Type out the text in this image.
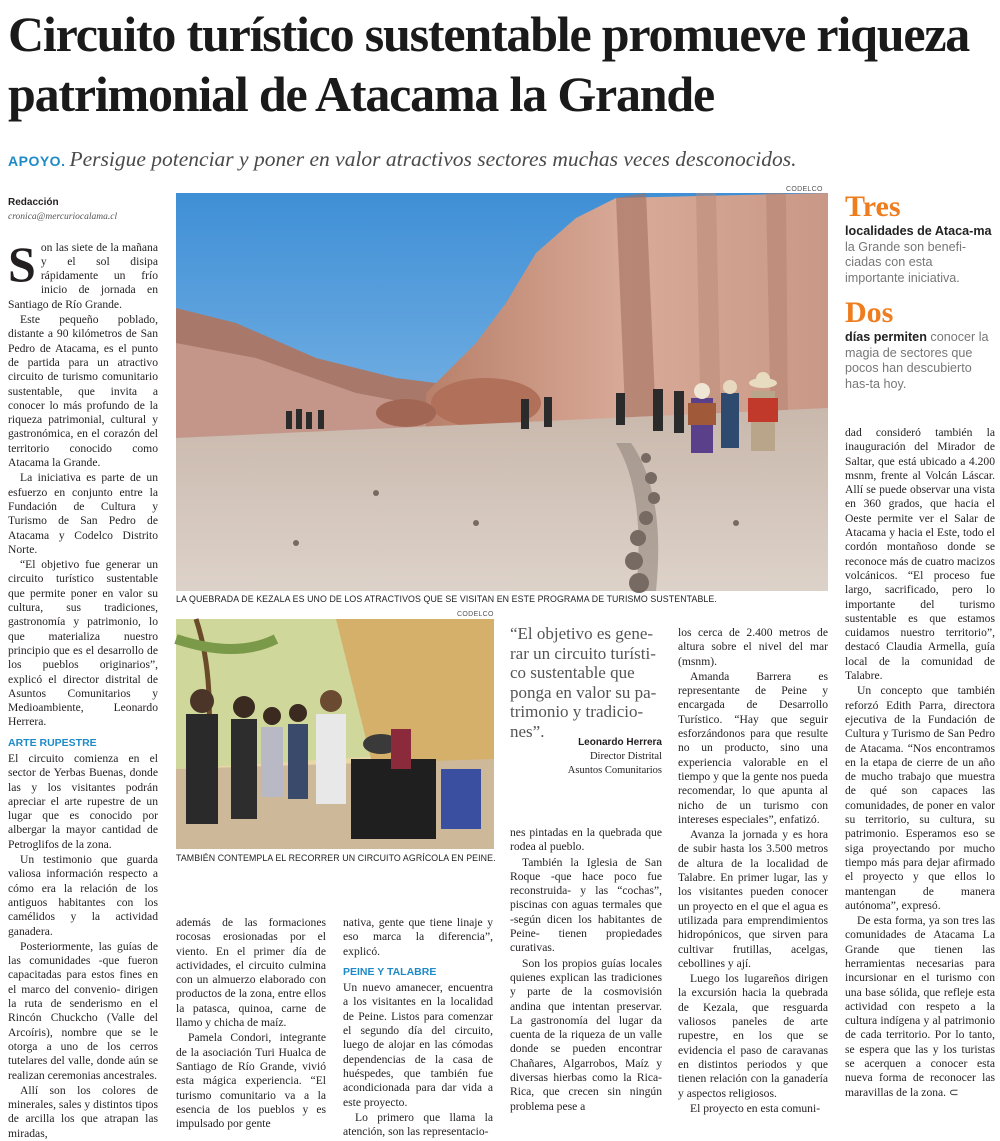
Circuito turístico sustentable promueve riqueza patrimonial de Atacama la Grande
APOYO. Persigue potenciar y poner en valor atractivos sectores muchas veces desconocidos.
CODELCO
LA QUEBRADA DE KEZALA ES UNO DE LOS ATRACTIVOS QUE SE VISITAN EN ESTE PROGRAMA DE TURISMO SUSTENTABLE.
CODELCO
TAMBIÉN CONTEMPLA EL RECORRER UN CIRCUITO AGRÍCOLA EN PEINE.
Redacción
cronica@mercuriocalama.cl

Son las siete de la mañana y el sol disipa rápidamente un frío inicio de jornada en Santiago de Río Grande.

Este pequeño poblado, distante a 90 kilómetros de San Pedro de Atacama, es el punto de partida para un atractivo circuito de turismo comunitario sustentable, que invita a conocer lo más profundo de la riqueza patrimonial, cultural y gastronómica, en el corazón del territorio conocido como Atacama la Grande.

La iniciativa es parte de un esfuerzo en conjunto entre la Fundación de Cultura y Turismo de San Pedro de Atacama y Codelco Distrito Norte.

“El objetivo fue generar un circuito turístico sustentable que permite poner en valor su cultura, sus tradiciones, gastronomía y patrimonio, lo que materializa nuestro principio que es el desarrollo de los pueblos originarios”, explicó el director distrital de Asuntos Comunitarios y Medioambiente, Leonardo Herrera.

ARTE RUPESTRE

El circuito comienza en el sector de Yerbas Buenas, donde las y los visitantes podrán apreciar el arte rupestre de un lugar que es conocido por albergar la mayor cantidad de Petroglifos de la zona.

Un testimonio que guarda valiosa información respecto a cómo era la relación de los antiguos habitantes con los camélidos y la actividad ganadera.

Posteriormente, las guías de las comunidades -que fueron capacitadas para estos fines en el marco del convenio- dirigen la ruta de senderismo en el Rincón Chuckcho (Valle del Arcoíris), nombre que se le otorga a uno de los cerros tutelares del valle, donde aún se realizan ceremonias ancestrales.

Allí son los colores de minerales, sales y distintos tipos de arcilla los que atrapan las miradas,

además de las formaciones rocosas erosionadas por el viento. En el primer día de actividades, el circuito culmina con un almuerzo elaborado con productos de la zona, entre ellos la patasca, quinoa, carne de llamo y chicha de maíz.

Pamela Condori, integrante de la asociación Turi Hualca de Santiago de Río Grande, vivió esta mágica experiencia. “El turismo comunitario va a la esencia de los pueblos y es impulsado por gente

nativa, gente que tiene linaje y eso marca la diferencia”, explicó.

PEINE Y TALABRE

Un nuevo amanecer, encuentra a los visitantes en la localidad de Peine. Listos para comenzar el segundo día del circuito, luego de alojar en las cómodas dependencias de la casa de huéspedes, que también fue acondicionada para dar vida a este proyecto.

Lo primero que llama la atención, son las representacio-

“El objetivo es gene-rar un circuito turísti-co sustentable que ponga en valor su pa-trimonio y tradicio-nes”.
Leonardo Herrera
Director Distrital
Asuntos Comunitarios

nes pintadas en la quebrada que rodea al pueblo.

También la Iglesia de San Roque -que hace poco fue reconstruida- y las “cochas”, piscinas con aguas termales que -según dicen los habitantes de Peine- tienen propiedades curativas.

Son los propios guías locales quienes explican las tradiciones y parte de la cosmovisión andina que intentan preservar. La gastronomía del lugar da cuenta de la riqueza de un valle donde se pueden encontrar Chañares, Algarrobos, Maíz y diversas hierbas como la Rica-Rica, que crecen sin ningún problema pese a

los cerca de 2.400 metros de altura sobre el nivel del mar (msnm).

Amanda Barrera es representante de Peine y encargada de Desarrollo Turístico. “Hay que seguir esforzándonos para que resulte no un producto, sino una experiencia valorable en el tiempo y que la gente nos pueda recomendar, lo que apunta al nicho de un turismo con intereses especiales”, enfatizó.

Avanza la jornada y es hora de subir hasta los 3.500 metros de altura de la localidad de Talabre. En primer lugar, las y los visitantes pueden conocer un proyecto en el que el agua es utilizada para emprendimientos hidropónicos, que sirven para cultivar frutillas, acelgas, cebollines y ají.

Luego los lugareños dirigen la excursión hacia la quebrada de Kezala, que resguarda valiosos paneles de arte rupestre, en los que se evidencia el paso de caravanas en distintos periodos y que tienen relación con la ganadería y aspectos religiosos.

El proyecto en esta comuni-

Tres
localidades de Ataca-ma la Grande son benefi-ciadas con esta importante iniciativa.
Dos
días permiten conocer la magia de sectores que pocos han descubierto has-ta hoy.

dad consideró también la inauguración del Mirador de Saltar, que está ubicado a 4.200 msnm, frente al Volcán Láscar. Allí se puede observar una vista en 360 grados, que hacia el Oeste permite ver el Salar de Atacama y hacia el Este, todo el cordón montañoso donde se reconoce más de cuatro macizos volcánicos. “El proceso fue largo, sacrificado, pero lo importante del turismo sustentable es que estamos cuidamos nuestro territorio”, destacó Claudia Armella, guía local de la comunidad de Talabre.

Un concepto que también reforzó Edith Parra, directora ejecutiva de la Fundación de Cultura y Turismo de San Pedro de Atacama. “Nos encontramos en la etapa de cierre de un año de mucho trabajo que muestra de qué son capaces las comunidades, de poner en valor su territorio, su cultura, su patrimonio. Esperamos eso se siga proyectando por mucho tiempo más para dejar afirmado el proyecto y que ellos lo mantengan de manera autónoma”, expresó.

De esta forma, ya son tres las comunidades de Atacama La Grande que tienen las herramientas necesarias para incursionar en el turismo con una base sólida, que refleje esta actividad con respeto a la cultura indígena y al patrimonio de cada territorio. Por lo tanto, se espera que las y los turistas se acerquen a conocer esta nueva forma de reconocer las maravillas de la zona. ⊂
